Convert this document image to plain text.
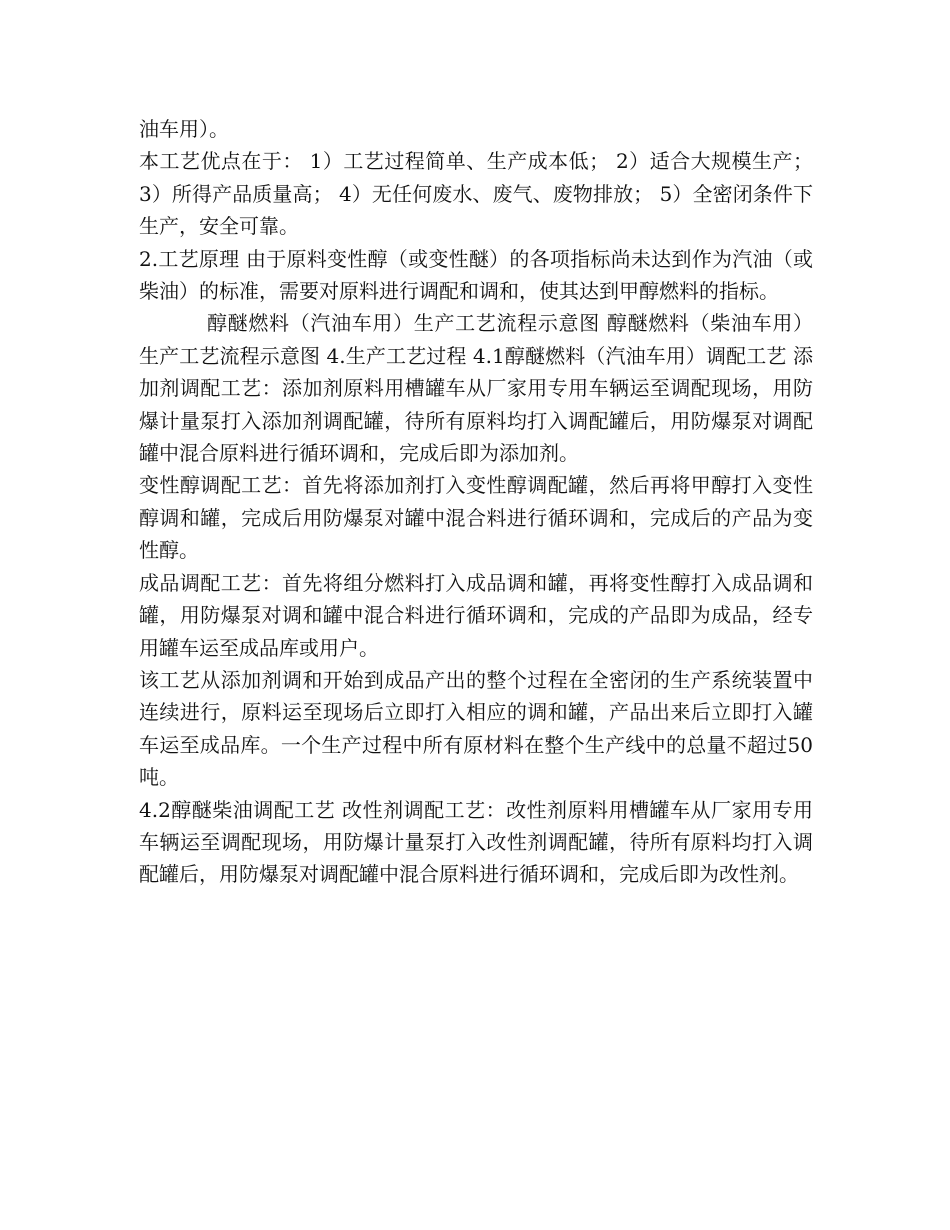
油车用）。

本工艺优点在于： 1）工艺过程简单、生产成本低； 2）适合大规模生产； 3）所得产品质量高； 4）无任何废水、废气、废物排放； 5）全密闭条件下生产，安全可靠。

2.工艺原理 由于原料变性醇（或变性醚）的各项指标尚未达到作为汽油（或柴油）的标准，需要对原料进行调配和调和，使其达到甲醇燃料的指标。

醇醚燃料（汽油车用）生产工艺流程示意图 醇醚燃料（柴油车用）生产工艺流程示意图 4.生产工艺过程 4.1醇醚燃料（汽油车用）调配工艺 添加剂调配工艺：添加剂原料用槽罐车从厂家用专用车辆运至调配现场，用防爆计量泵打入添加剂调配罐，待所有原料均打入调配罐后，用防爆泵对调配罐中混合原料进行循环调和，完成后即为添加剂。

变性醇调配工艺：首先将添加剂打入变性醇调配罐，然后再将甲醇打入变性醇调和罐，完成后用防爆泵对罐中混合料进行循环调和，完成后的产品为变性醇。

成品调配工艺：首先将组分燃料打入成品调和罐，再将变性醇打入成品调和罐，用防爆泵对调和罐中混合料进行循环调和，完成的产品即为成品，经专用罐车运至成品库或用户。

该工艺从添加剂调和开始到成品产出的整个过程在全密闭的生产系统装置中连续进行，原料运至现场后立即打入相应的调和罐，产品出来后立即打入罐车运至成品库。一个生产过程中所有原材料在整个生产线中的总量不超过50吨。

4.2醇醚柴油调配工艺 改性剂调配工艺：改性剂原料用槽罐车从厂家用专用车辆运至调配现场，用防爆计量泵打入改性剂调配罐，待所有原料均打入调配罐后，用防爆泵对调配罐中混合原料进行循环调和，完成后即为改性剂。
